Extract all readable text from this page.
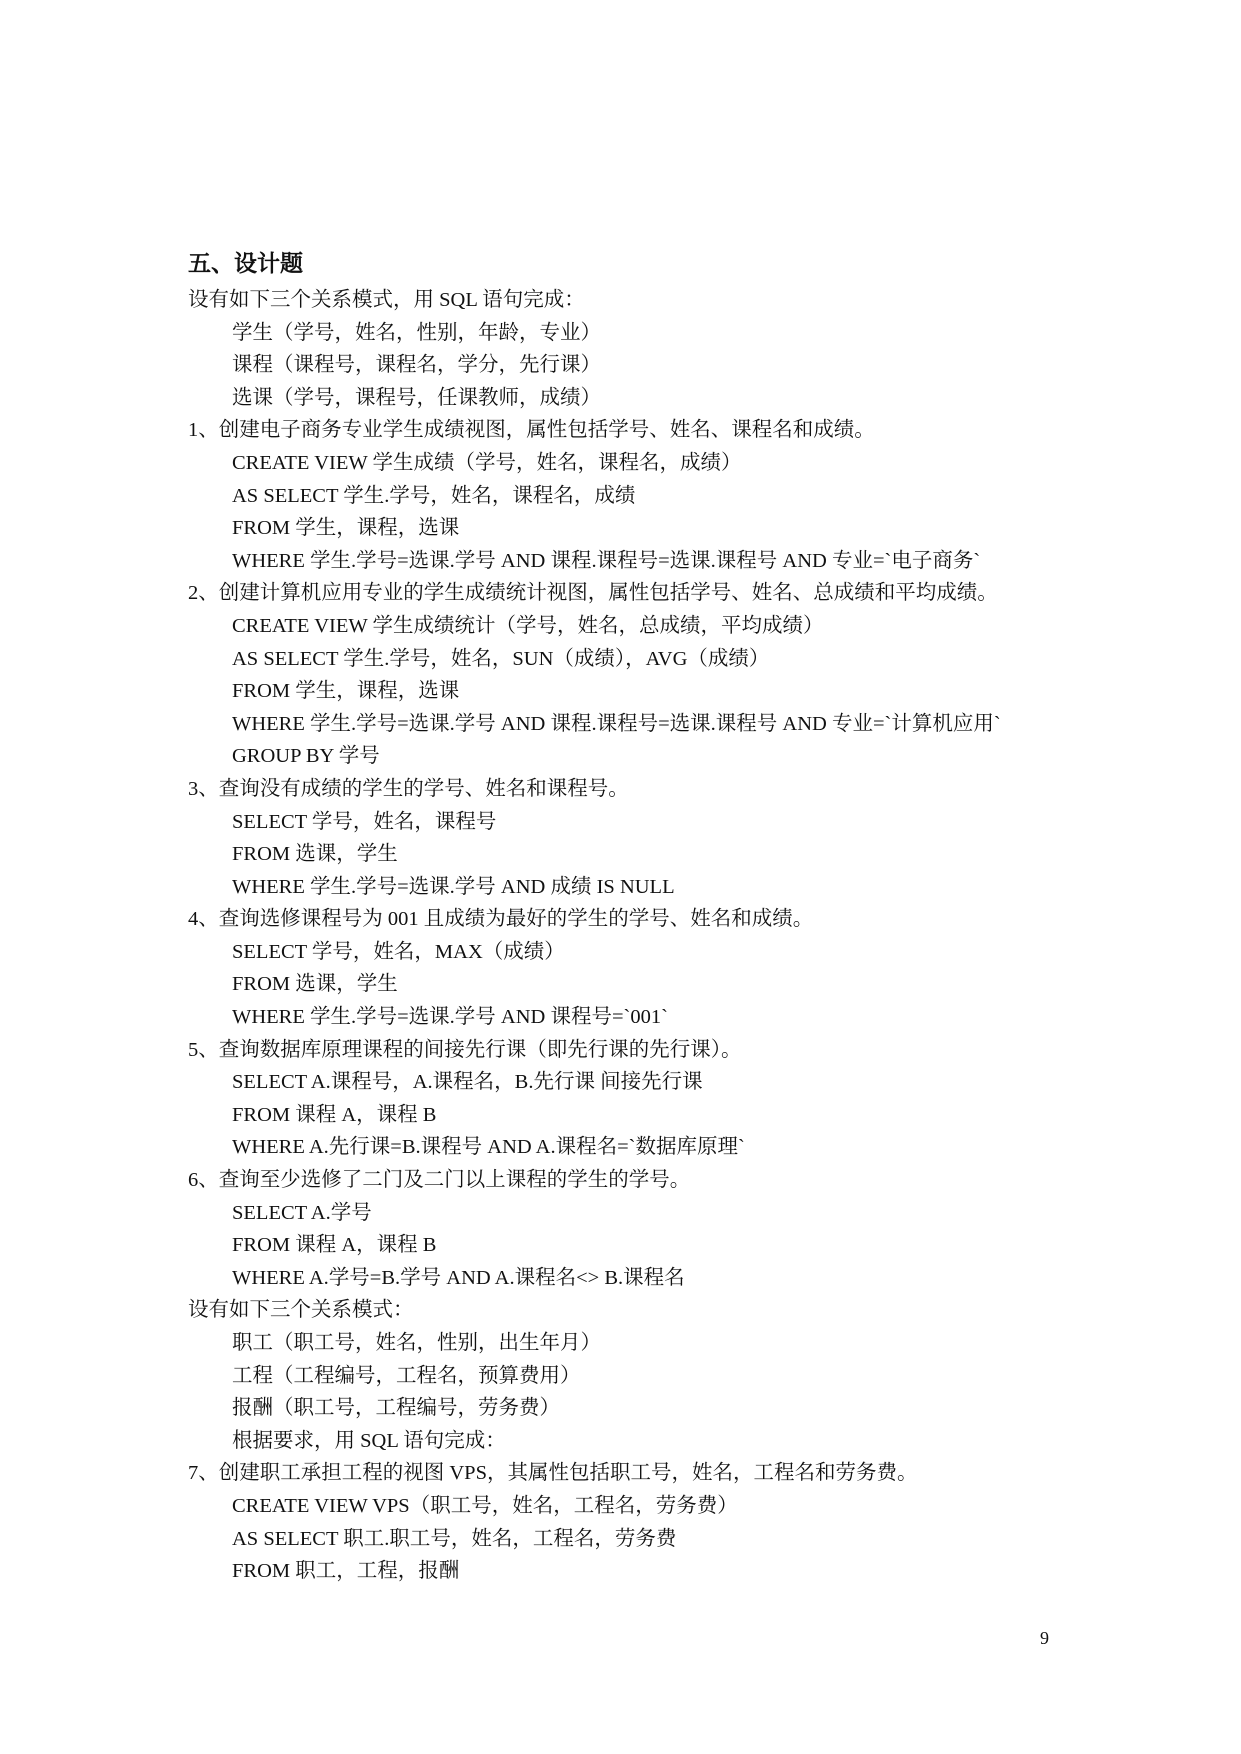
五、设计题
设有如下三个关系模式，用 SQL 语句完成：
学生（学号，姓名，性别，年龄，专业）
课程（课程号，课程名，学分，先行课）
选课（学号，课程号，任课教师，成绩）
1、创建电子商务专业学生成绩视图，属性包括学号、姓名、课程名和成绩。
CREATE VIEW 学生成绩（学号，姓名，课程名，成绩）
AS SELECT 学生.学号，姓名，课程名，成绩
FROM 学生，课程，选课
WHERE 学生.学号=选课.学号 AND 课程.课程号=选课.课程号 AND 专业=`电子商务`
2、创建计算机应用专业的学生成绩统计视图，属性包括学号、姓名、总成绩和平均成绩。
CREATE VIEW 学生成绩统计（学号，姓名，总成绩，平均成绩）
AS SELECT 学生.学号，姓名，SUN（成绩），AVG（成绩）
FROM 学生，课程，选课
WHERE 学生.学号=选课.学号 AND 课程.课程号=选课.课程号 AND 专业=`计算机应用`
GROUP BY 学号
3、查询没有成绩的学生的学号、姓名和课程号。
SELECT 学号，姓名，课程号
FROM 选课，学生
WHERE 学生.学号=选课.学号 AND 成绩 IS NULL
4、查询选修课程号为 001 且成绩为最好的学生的学号、姓名和成绩。
SELECT 学号，姓名，MAX（成绩）
FROM 选课，学生
WHERE 学生.学号=选课.学号 AND 课程号=`001`
5、查询数据库原理课程的间接先行课（即先行课的先行课）。
SELECT A.课程号，A.课程名，B.先行课 间接先行课
FROM 课程 A，课程 B
WHERE A.先行课=B.课程号 AND A.课程名=`数据库原理`
6、查询至少选修了二门及二门以上课程的学生的学号。
SELECT A.学号
FROM 课程 A，课程 B
WHERE A.学号=B.学号 AND A.课程名<> B.课程名
设有如下三个关系模式：
职工（职工号，姓名，性别，出生年月）
工程（工程编号，工程名，预算费用）
报酬（职工号，工程编号，劳务费）
根据要求，用 SQL 语句完成：
7、创建职工承担工程的视图 VPS，其属性包括职工号，姓名，工程名和劳务费。
CREATE VIEW VPS（职工号，姓名，工程名，劳务费）
AS SELECT 职工.职工号，姓名，工程名，劳务费
FROM 职工，工程，报酬
9
